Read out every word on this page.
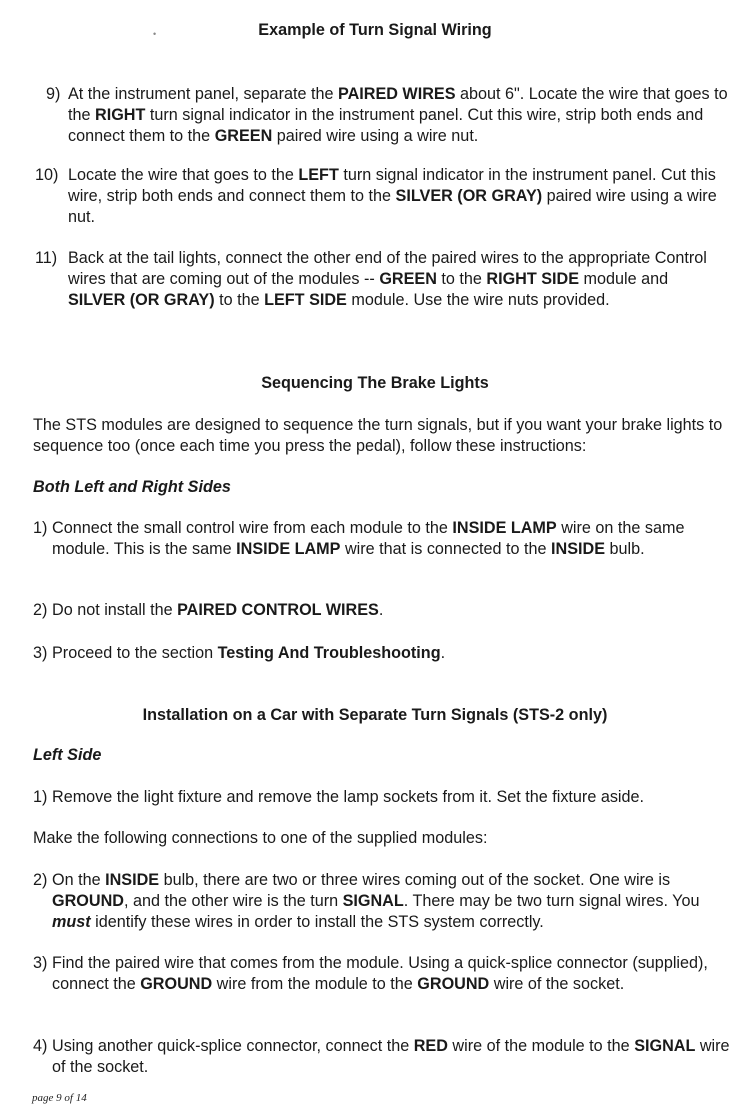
•	Example of Turn Signal Wiring
9) At the instrument panel, separate the PAIRED WIRES about 6". Locate the wire that goes to the RIGHT turn signal indicator in the instrument panel. Cut this wire, strip both ends and connect them to the GREEN paired wire using a wire nut.

10) Locate the wire that goes to the LEFT turn signal indicator in the instrument panel. Cut this wire, strip both ends and connect them to the SILVER (OR GRAY) paired wire using a wire nut.

11) Back at the tail lights, connect the other end of the paired wires to the appropriate Control wires that are coming out of the modules -- GREEN to the RIGHT SIDE module and SILVER (OR GRAY) to the LEFT SIDE module. Use the wire nuts provided.

Sequencing The Brake Lights

The STS modules are designed to sequence the turn signals, but if you want your brake lights to sequence too (once each time you press the pedal), follow these instructions:

Both Left and Right Sides
1) Connect the small control wire from each module to the INSIDE LAMP wire on the same module. This is the same INSIDE LAMP wire that is connected to the INSIDE bulb.

2) Do not install the PAIRED CONTROL WIRES.

3) Proceed to the section Testing And Troubleshooting.

Installation on a Car with Separate Turn Signals (STS-2 only)
Left Side
1) Remove the light fixture and remove the lamp sockets from it. Set the fixture aside.

Make the following connections to one of the supplied modules:

2) On the INSIDE bulb, there are two or three wires coming out of the socket. One wire is GROUND, and the other wire is the turn SIGNAL. There may be two turn signal wires. You must identify these wires in order to install the STS system correctly.

3) Find the paired wire that comes from the module. Using a quick-splice connector (supplied), connect the GROUND wire from the module to the GROUND wire of the socket.

4) Using another quick-splice connector, connect the RED wire of the module to the SIGNAL wire of the socket.

page 9 of 14
